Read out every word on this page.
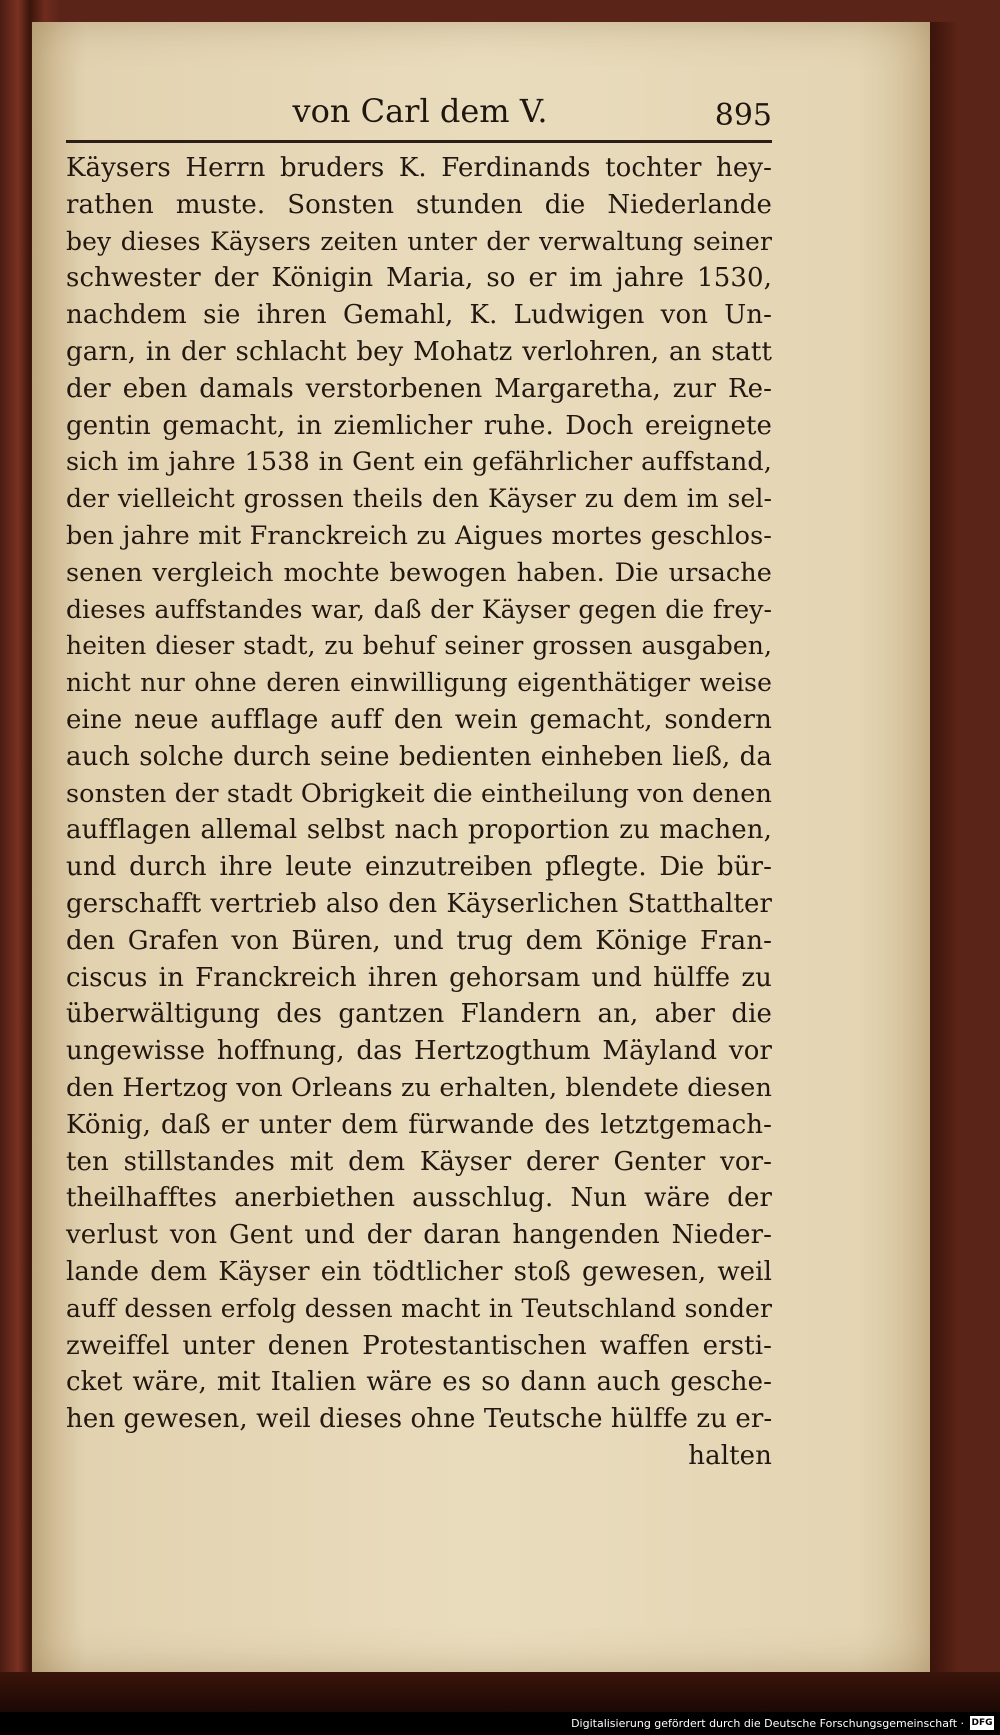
von Carl dem V.	895
Käysers Herrn bruders K. Ferdinands tochter hey-
rathen muste. Sonsten stunden die Niederlande
bey dieses Käysers zeiten unter der verwaltung seiner
schwester der Königin Maria, so er im jahre 1530,
nachdem sie ihren Gemahl, K. Ludwigen von Un-
garn, in der schlacht bey Mohatz verlohren, an statt
der eben damals verstorbenen Margaretha, zur Re-
gentin gemacht, in ziemlicher ruhe. Doch ereignete
sich im jahre 1538 in Gent ein gefährlicher auffstand,
der vielleicht grossen theils den Käyser zu dem im sel-
ben jahre mit Franckreich zu Aigues mortes geschlos-
senen vergleich mochte bewogen haben. Die ursache
dieses auffstandes war, daß der Käyser gegen die frey-
heiten dieser stadt, zu behuf seiner grossen ausgaben,
nicht nur ohne deren einwilligung eigenthätiger weise
eine neue aufflage auff den wein gemacht, sondern
auch solche durch seine bedienten einheben ließ, da
sonsten der stadt Obrigkeit die eintheilung von denen
aufflagen allemal selbst nach proportion zu machen,
und durch ihre leute einzutreiben pflegte. Die bür-
gerschafft vertrieb also den Käyserlichen Statthalter
den Grafen von Büren, und trug dem Könige Fran-
ciscus in Franckreich ihren gehorsam und hülffe zu
überwältigung des gantzen Flandern an, aber die
ungewisse hoffnung, das Hertzogthum Mäyland vor
den Hertzog von Orleans zu erhalten, blendete diesen
König, daß er unter dem fürwande des letztgemach-
ten stillstandes mit dem Käyser derer Genter vor-
theilhafftes anerbiethen ausschlug. Nun wäre der
verlust von Gent und der daran hangenden Nieder-
lande dem Käyser ein tödtlicher stoß gewesen, weil
auff dessen erfolg dessen macht in Teutschland sonder
zweiffel unter denen Protestantischen waffen ersti-
cket wäre, mit Italien wäre es so dann auch gesche-
hen gewesen, weil dieses ohne Teutsche hülffe zu er-
halten
Digitalisierung gefördert durch die Deutsche Forschungsgemeinschaft · DFG
